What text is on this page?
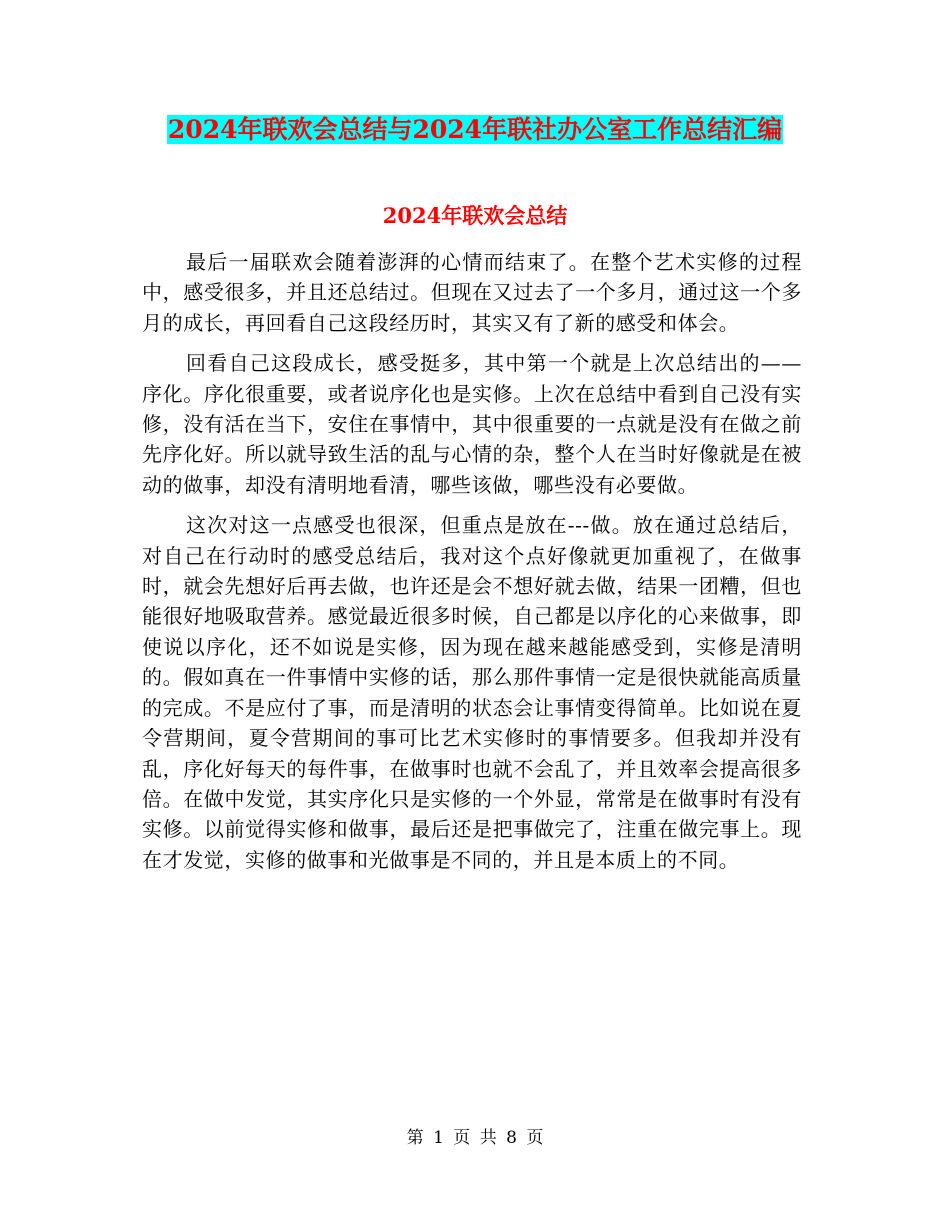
2024年联欢会总结与2024年联社办公室工作总结汇编
2024年联欢会总结

最后一届联欢会随着澎湃的心情而结束了。在整个艺术实修的过程中，感受很多，并且还总结过。但现在又过去了一个多月，通过这一个多月的成长，再回看自己这段经历时，其实又有了新的感受和体会。

回看自己这段成长，感受挺多，其中第一个就是上次总结出的——序化。序化很重要，或者说序化也是实修。上次在总结中看到自己没有实修，没有活在当下，安住在事情中，其中很重要的一点就是没有在做之前先序化好。所以就导致生活的乱与心情的杂，整个人在当时好像就是在被动的做事，却没有清明地看清，哪些该做，哪些没有必要做。

这次对这一点感受也很深，但重点是放在---做。放在通过总结后，对自己在行动时的感受总结后，我对这个点好像就更加重视了，在做事时，就会先想好后再去做，也许还是会不想好就去做，结果一团糟，但也能很好地吸取营养。感觉最近很多时候，自己都是以序化的心来做事，即使说以序化，还不如说是实修，因为现在越来越能感受到，实修是清明的。假如真在一件事情中实修的话，那么那件事情一定是很快就能高质量的完成。不是应付了事，而是清明的状态会让事情变得简单。比如说在夏令营期间，夏令营期间的事可比艺术实修时的事情要多。但我却并没有乱，序化好每天的每件事，在做事时也就不会乱了，并且效率会提高很多倍。在做中发觉，其实序化只是实修的一个外显，常常是在做事时有没有实修。以前觉得实修和做事，最后还是把事做完了，注重在做完事上。现在才发觉，实修的做事和光做事是不同的，并且是本质上的不同。

第 1 页 共 8 页
